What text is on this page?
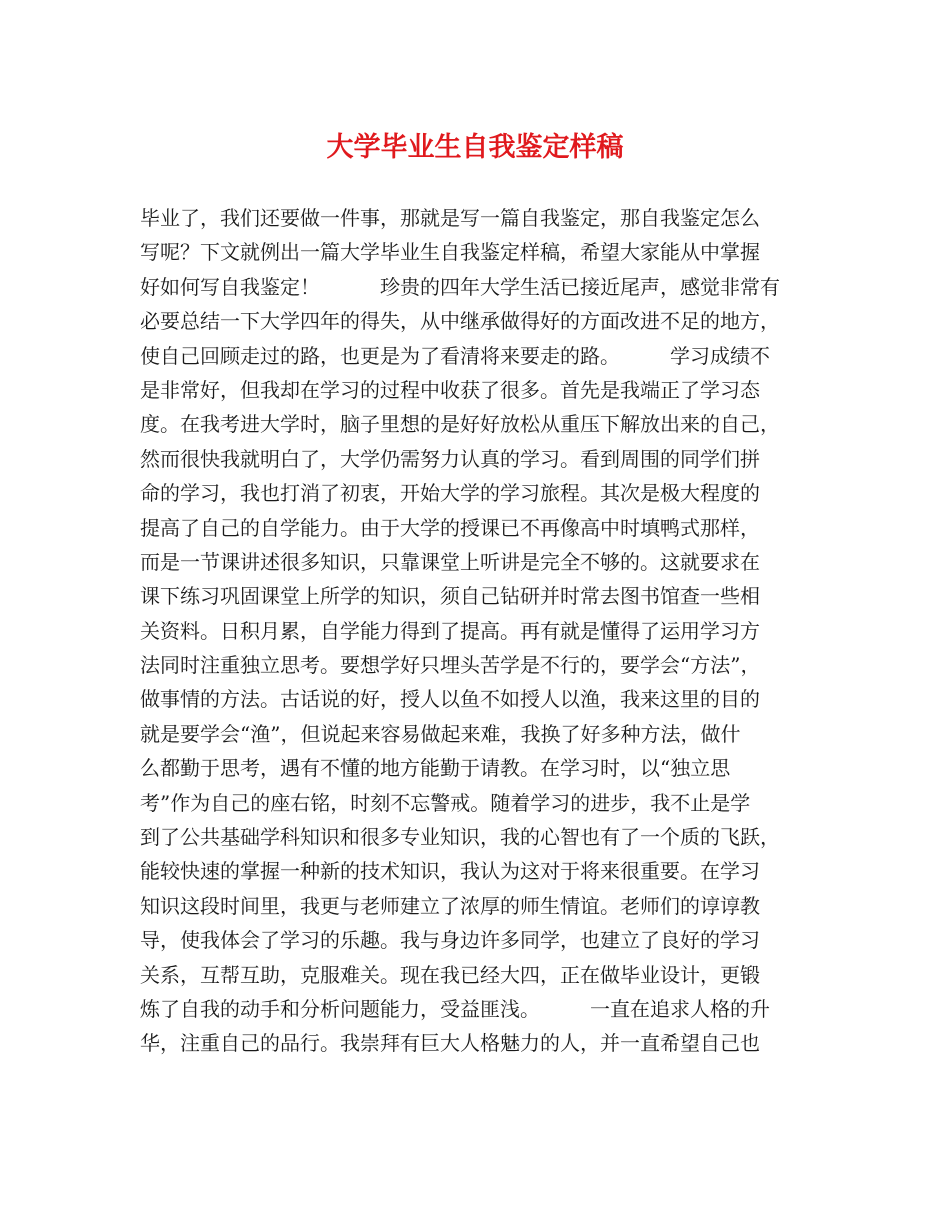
大学毕业生自我鉴定样稿
毕业了，我们还要做一件事，那就是写一篇自我鉴定，那自我鉴定怎么
写呢？下文就例出一篇大学毕业生自我鉴定样稿，希望大家能从中掌握
好如何写自我鉴定！　　　珍贵的四年大学生活已接近尾声，感觉非常有
必要总结一下大学四年的得失，从中继承做得好的方面改进不足的地方，
使自己回顾走过的路，也更是为了看清将来要走的路。　　　学习成绩不
是非常好，但我却在学习的过程中收获了很多。首先是我端正了学习态
度。在我考进大学时，脑子里想的是好好放松从重压下解放出来的自己，
然而很快我就明白了，大学仍需努力认真的学习。看到周围的同学们拼
命的学习，我也打消了初衷，开始大学的学习旅程。其次是极大程度的
提高了自己的自学能力。由于大学的授课已不再像高中时填鸭式那样，
而是一节课讲述很多知识，只靠课堂上听讲是完全不够的。这就要求在
课下练习巩固课堂上所学的知识，须自己钻研并时常去图书馆查一些相
关资料。日积月累，自学能力得到了提高。再有就是懂得了运用学习方
法同时注重独立思考。要想学好只埋头苦学是不行的，要学会“方法”，
做事情的方法。古话说的好，授人以鱼不如授人以渔，我来这里的目的
就是要学会“渔”，但说起来容易做起来难，我换了好多种方法，做什
么都勤于思考，遇有不懂的地方能勤于请教。在学习时，以“独立思
考”作为自己的座右铭，时刻不忘警戒。随着学习的进步，我不止是学
到了公共基础学科知识和很多专业知识，我的心智也有了一个质的飞跃，
能较快速的掌握一种新的技术知识，我认为这对于将来很重要。在学习
知识这段时间里，我更与老师建立了浓厚的师生情谊。老师们的谆谆教
导，使我体会了学习的乐趣。我与身边许多同学，也建立了良好的学习
关系，互帮互助，克服难关。现在我已经大四，正在做毕业设计，更锻
炼了自我的动手和分析问题能力，受益匪浅。　　　一直在追求人格的升
华，注重自己的品行。我崇拜有巨大人格魅力的人，并一直希望自己也
